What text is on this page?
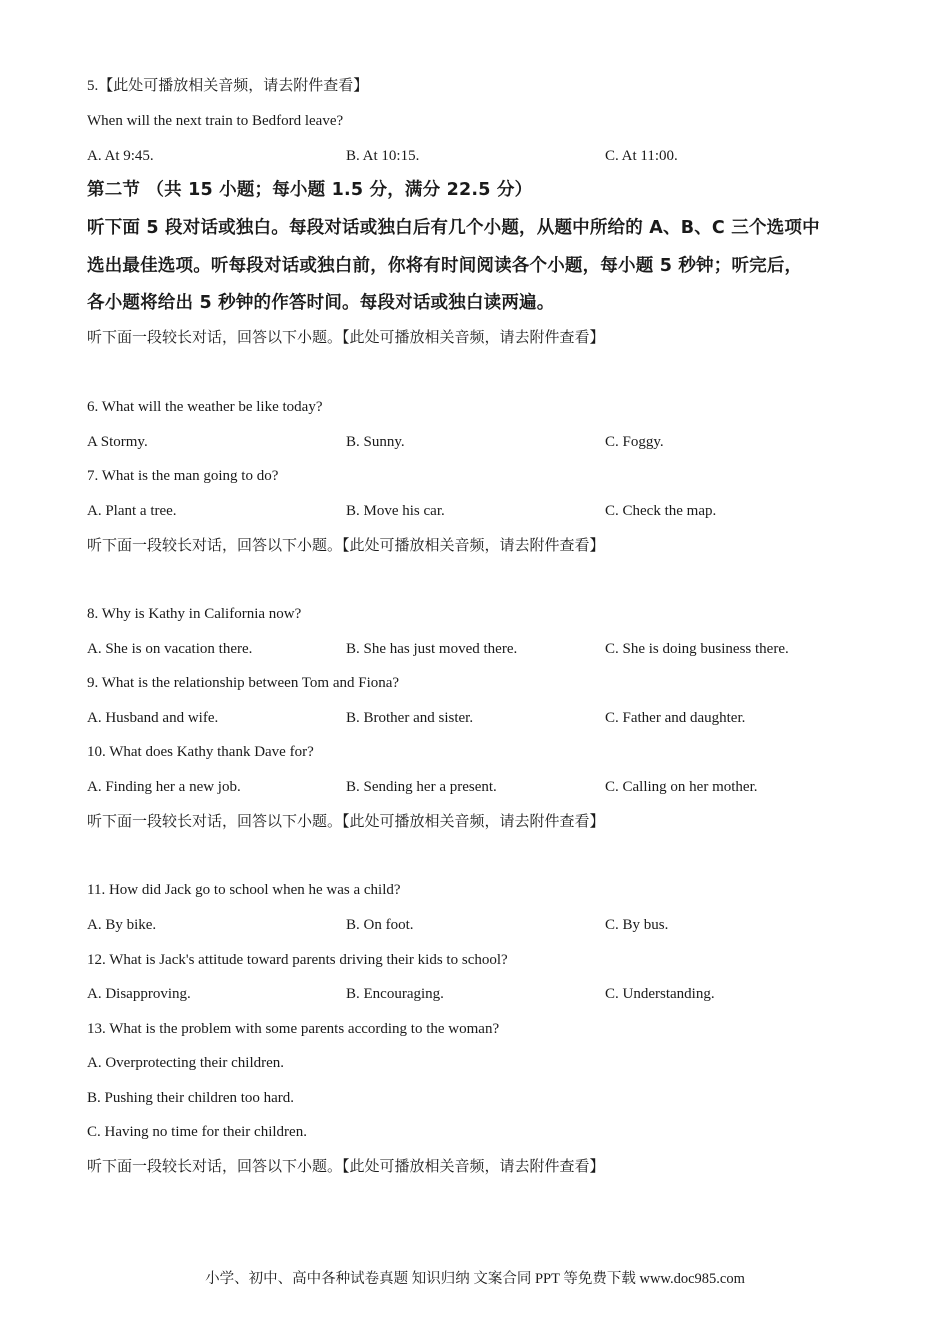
5.【此处可播放相关音频，请去附件查看】
When will the next train to Bedford leave?
A. At 9:45.	B. At 10:15.	C. At 11:00.
第二节 （共 15 小题；每小题 1.5 分，满分 22.5 分）
听下面 5 段对话或独白。每段对话或独白后有几个小题，从题中所给的 A、B、C 三个选项中
选出最佳选项。听每段对话或独白前，你将有时间阅读各个小题，每小题 5 秒钟；听完后，
各小题将给出 5 秒钟的作答时间。每段对话或独白读两遍。
听下面一段较长对话，回答以下小题。【此处可播放相关音频，请去附件查看】
6. What will the weather be like today?
A Stormy.	B. Sunny.	C. Foggy.
7. What is the man going to do?
A. Plant a tree.	B. Move his car.	C. Check the map.
听下面一段较长对话，回答以下小题。【此处可播放相关音频，请去附件查看】
8. Why is Kathy in California now?
A. She is on vacation there.	B. She has just moved there.	C. She is doing business there.
9. What is the relationship between Tom and Fiona?
A. Husband and wife.	B. Brother and sister.	C. Father and daughter.
10. What does Kathy thank Dave for?
A. Finding her a new job.	B. Sending her a present.	C. Calling on her mother.
听下面一段较长对话，回答以下小题。【此处可播放相关音频，请去附件查看】
11. How did Jack go to school when he was a child?
A. By bike.	B. On foot.	C. By bus.
12. What is Jack's attitude toward parents driving their kids to school?
A. Disapproving.	B. Encouraging.	C. Understanding.
13. What is the problem with some parents according to the woman?
A. Overprotecting their children.
B. Pushing their children too hard.
C. Having no time for their children.
听下面一段较长对话，回答以下小题。【此处可播放相关音频，请去附件查看】
小学、初中、高中各种试卷真题 知识归纳 文案合同 PPT 等免费下载 www.doc985.com
